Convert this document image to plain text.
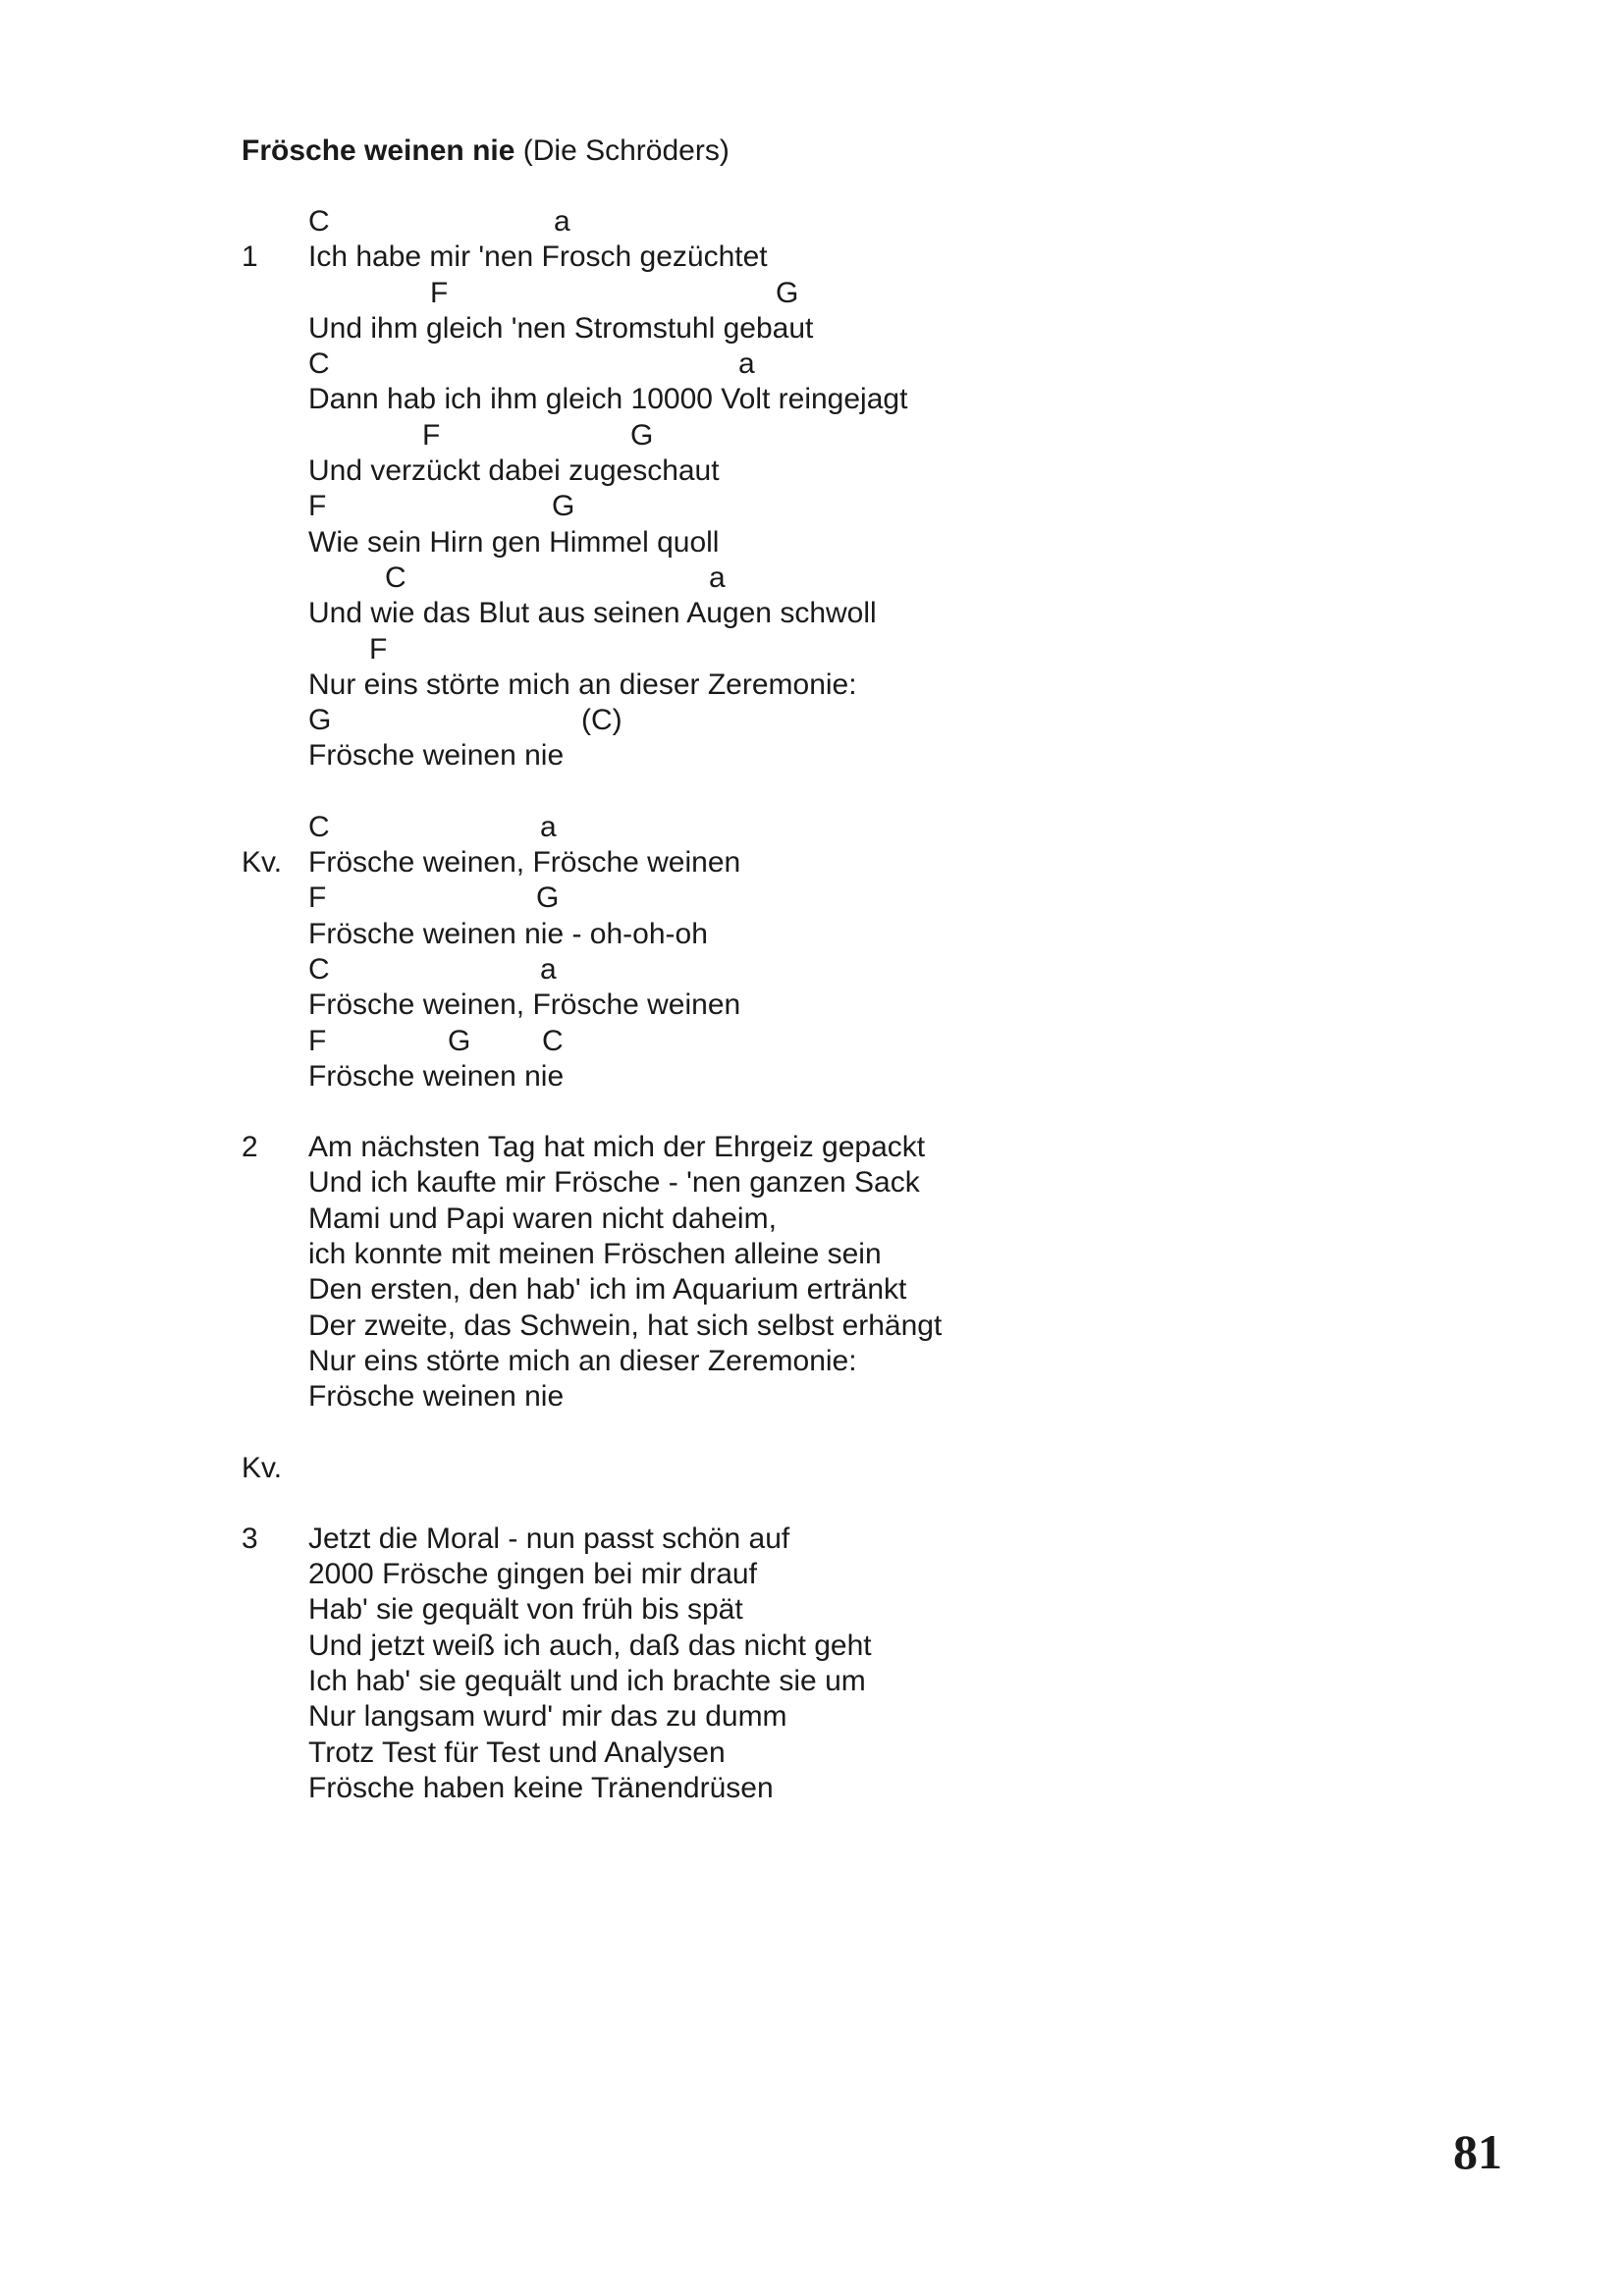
Frösche weinen nie (Die Schröders)
C	a
1 Ich habe mir 'nen Frosch gezüchtet
F	G
Und ihm gleich 'nen Stromstuhl gebaut
C	a
Dann hab ich ihm gleich 10000 Volt reingejagt
F	G
Und verzückt dabei zugeschaut
F	G
Wie sein Hirn gen Himmel quoll
C	a
Und wie das Blut aus seinen Augen schwoll
F
Nur eins störte mich an dieser Zeremonie:
G	(C)
Frösche weinen nie
C	a
Kv. Frösche weinen, Frösche weinen
F	G
Frösche weinen nie - oh-oh-oh
C	a
Frösche weinen, Frösche weinen
F	G C
Frösche weinen nie
2 Am nächsten Tag hat mich der Ehrgeiz gepackt
Und ich kaufte mir Frösche - 'nen ganzen Sack
Mami und Papi waren nicht daheim,
ich konnte mit meinen Fröschen alleine sein
Den ersten, den hab' ich im Aquarium ertränkt
Der zweite, das Schwein, hat sich selbst erhängt
Nur eins störte mich an dieser Zeremonie:
Frösche weinen nie
Kv.
3 Jetzt die Moral - nun passt schön auf
2000 Frösche gingen bei mir drauf
Hab' sie gequält von früh bis spät
Und jetzt weiß ich auch, daß das nicht geht
Ich hab' sie gequält und ich brachte sie um
Nur langsam wurd' mir das zu dumm
Trotz Test für Test und Analysen
Frösche haben keine Tränendrüsen
81
